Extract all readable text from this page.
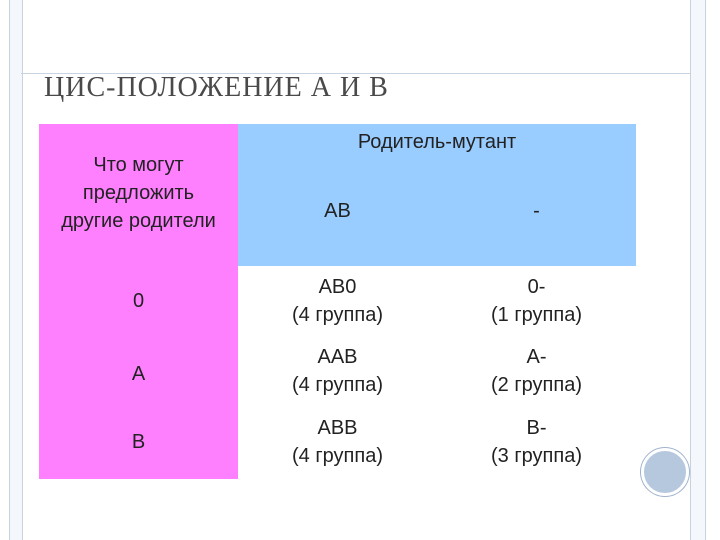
ЦИС-ПОЛОЖЕНИЕ А И В
Что могут
предложить
другие родители
Родитель-мутант
АВ	-
0
АВ0
(4 группа)
0-
(1 группа)
А
ААВ
(4 группа)
А-
(2 группа)
В
АВВ
(4 группа)
В-
(3 группа)
